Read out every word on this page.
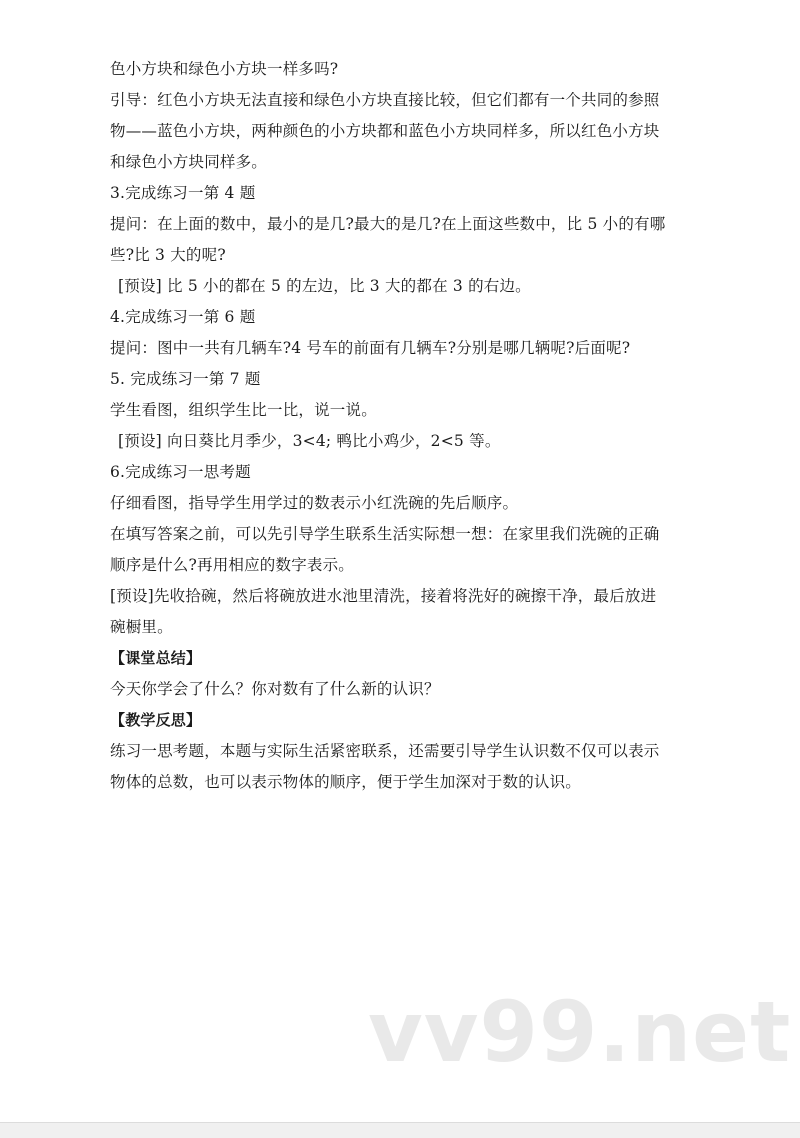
色小方块和绿色小方块一样多吗?

引导：红色小方块无法直接和绿色小方块直接比较，但它们都有一个共同的参照

物——蓝色小方块，两种颜色的小方块都和蓝色小方块同样多，所以红色小方块

和绿色小方块同样多。

3.完成练习一第 4 题

提问：在上面的数中，最小的是几?最大的是几?在上面这些数中，比 5 小的有哪

些?比 3 大的呢?

[预设] 比 5 小的都在 5 的左边，比 3 大的都在 3 的右边。

4.完成练习一第 6 题

提问：图中一共有几辆车?4 号车的前面有几辆车?分别是哪几辆呢?后面呢?

5. 完成练习一第 7 题

学生看图，组织学生比一比，说一说。

[预设] 向日葵比月季少，3<4; 鸭比小鸡少，2<5 等。

6.完成练习一思考题

仔细看图，指导学生用学过的数表示小红洗碗的先后顺序。

在填写答案之前，可以先引导学生联系生活实际想一想：在家里我们洗碗的正确

顺序是什么?再用相应的数字表示。

[预设]先收拾碗，然后将碗放进水池里清洗，接着将洗好的碗擦干净，最后放进

碗橱里。

【课堂总结】

今天你学会了什么？你对数有了什么新的认识？

【教学反思】

练习一思考题，本题与实际生活紧密联系，还需要引导学生认识数不仅可以表示

物体的总数，也可以表示物体的顺序，便于学生加深对于数的认识。

vv99.net
